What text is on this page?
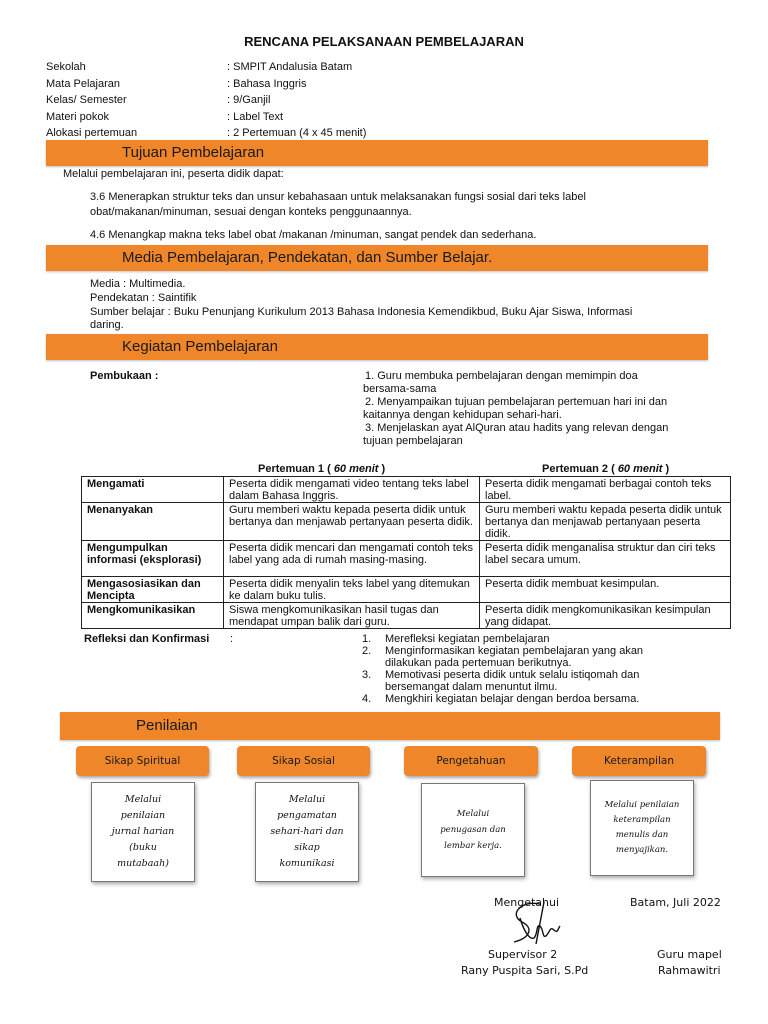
RENCANA PELAKSANAAN PEMBELAJARAN
Sekolah	: SMPIT Andalusia Batam
Mata Pelajaran	: Bahasa Inggris
Kelas/ Semester	: 9/Ganjil
Materi pokok	: Label Text
Alokasi pertemuan	: 2 Pertemuan (4 x 45 menit)
Tujuan Pembelajaran
Melalui pembelajaran ini, peserta didik dapat:
3.6 Menerapkan struktur teks dan unsur kebahasaan untuk melaksanakan fungsi sosial dari teks label
obat/makanan/minuman, sesuai dengan konteks penggunaannya.
4.6 Menangkap makna teks label obat /makanan /minuman, sangat pendek dan sederhana.
Media Pembelajaran, Pendekatan, dan Sumber Belajar.
Media : Multimedia.
Pendekatan : Saintifik
Sumber belajar : Buku Penunjang Kurikulum 2013 Bahasa Indonesia Kemendikbud, Buku Ajar Siswa, Informasi
daring.
Kegiatan Pembelajaran
Pembukaan :	1. Guru membuka pembelajaran dengan memimpin doa
bersama-sama
2. Menyampaikan tujuan pembelajaran pertemuan hari ini dan
kaitannya dengan kehidupan sehari-hari.
3. Menjelaskan ayat AlQuran atau hadits yang relevan dengan
tujuan pembelajaran
Pertemuan 1 ( 60 menit )	Pertemuan 2 ( 60 menit )
Mengamati	Peserta didik mengamati video tentang teks label dalam Bahasa Inggris.	Peserta didik mengamati berbagai contoh teks label.
Menanyakan	Guru memberi waktu kepada peserta didik untuk bertanya dan menjawab pertanyaan peserta didik.	Guru memberi waktu kepada peserta didik untuk bertanya dan menjawab pertanyaan peserta didik.
Mengumpulkan informasi (eksplorasi)	Peserta didik mencari dan mengamati contoh teks label yang ada di rumah masing-masing.	Peserta didik menganalisa struktur dan ciri teks label secara umum.
Mengasosiasikan dan Mencipta	Peserta didik menyalin teks label yang ditemukan ke dalam buku tulis.	Peserta didik membuat kesimpulan.
Mengkomunikasikan	Siswa mengkomunikasikan hasil tugas dan mendapat umpan balik dari guru.	Peserta didik mengkomunikasikan kesimpulan yang didapat.
Refleksi dan Konfirmasi :	1. Merefleksi kegiatan pembelajaran
2. Menginformasikan kegiatan pembelajaran yang akan
dilakukan pada pertemuan berikutnya.
3. Memotivasi peserta didik untuk selalu istiqomah dan
bersemangat dalam menuntut ilmu.
4. Mengkhiri kegiatan belajar dengan berdoa bersama.
Penilaian
Sikap Spiritual	Sikap Sosial	Pengetahuan	Keterampilan
Melalui
penilaian
jurnal harian
(buku
mutabaah)
Melalui
pengamatan
sehari-hari dan
sikap
komunikasi
Melalui
penugasan dan
lembar kerja.
Melalui penilaian
keterampilan
menulis dan
menyajikan.
Mengetahui	Batam, Juli 2022
Supervisor 2
Rany Puspita Sari, S.Pd
Guru mapel
Rahmawitri
